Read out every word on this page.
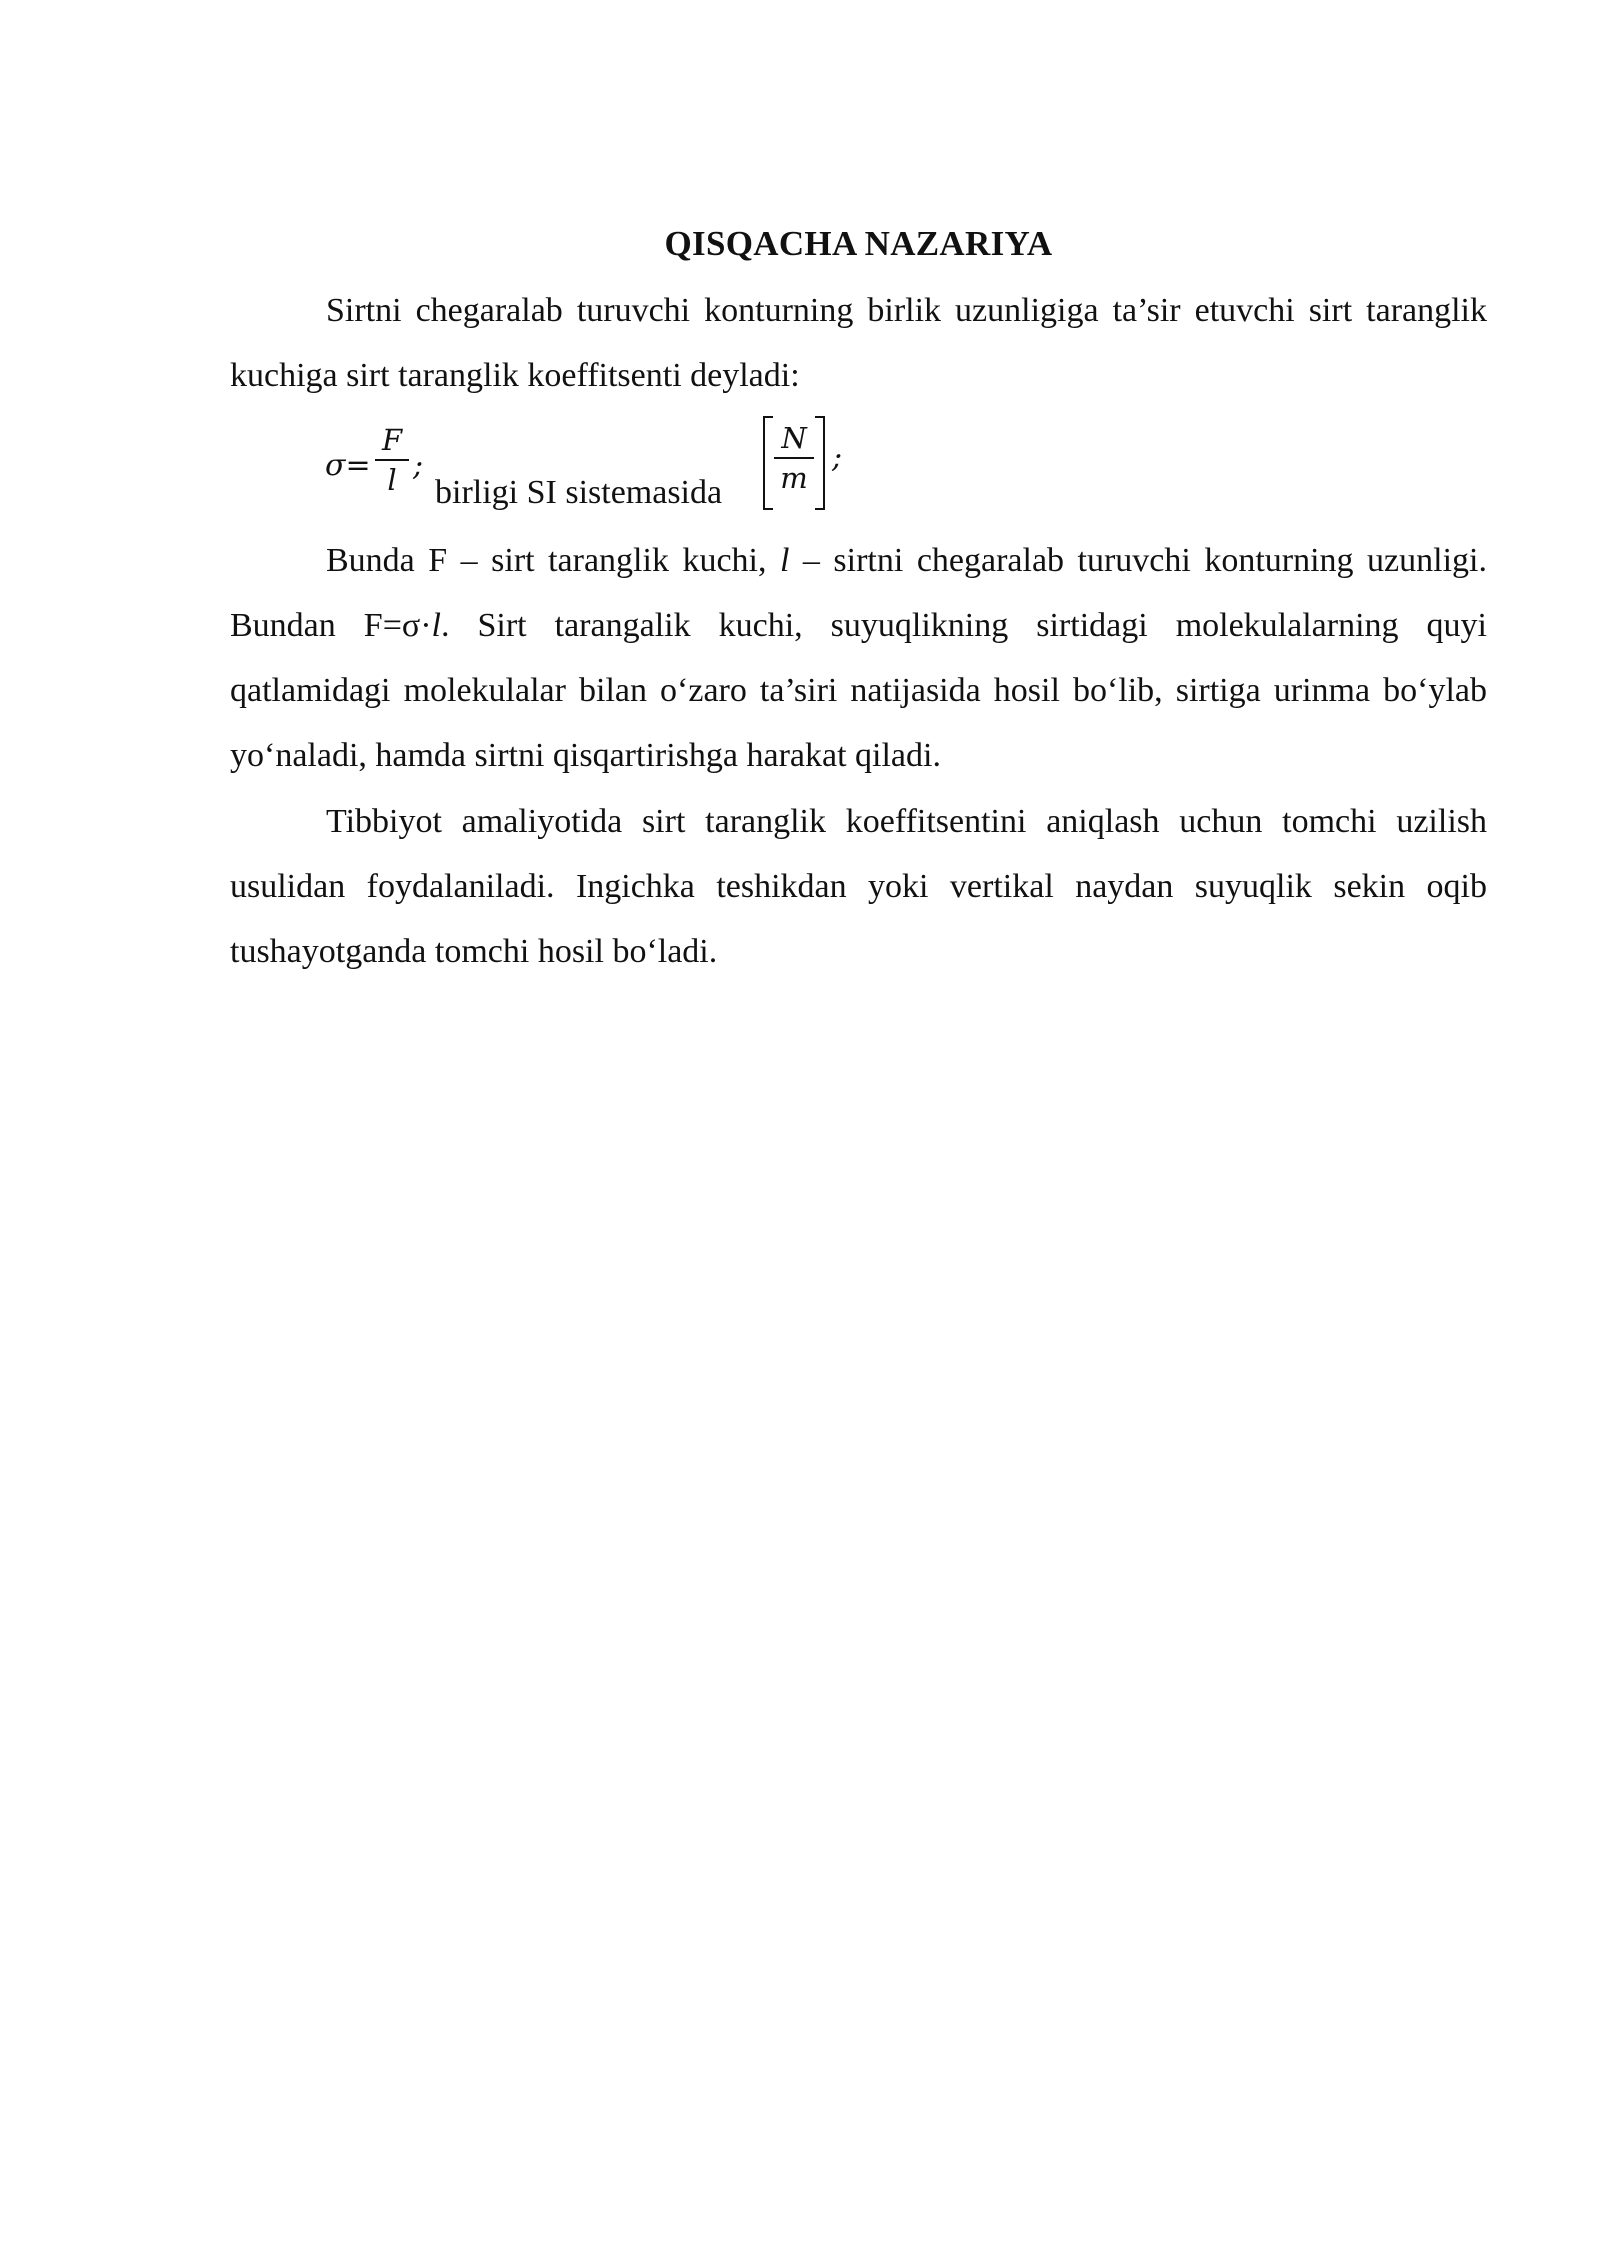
QISQACHA NAZARIYA

Sirtni chegaralab turuvchi konturning birlik uzunligiga ta’sir etuvchi sirt taranglik kuchiga sirt taranglik koeffitsenti deyladi:

σ=
F
l ;
birligi SI sistemasida
N
m
;

Bunda F – sirt taranglik kuchi, l – sirtni chegaralab turuvchi konturning uzunligi. Bundan F=σ·l. Sirt tarangalik kuchi, suyuqlikning sirtidagi molekulalarning quyi qatlamidagi molekulalar bilan o‘zaro ta’siri natijasida hosil bo‘lib, sirtiga urinma bo‘ylab yo‘naladi, hamda sirtni qisqartirishga harakat qiladi.

Tibbiyot amaliyotida sirt taranglik koeffitsentini aniqlash uchun tomchi uzilish usulidan foydalaniladi. Ingichka teshikdan yoki vertikal naydan suyuqlik sekin oqib tushayotganda tomchi hosil bo‘ladi.
